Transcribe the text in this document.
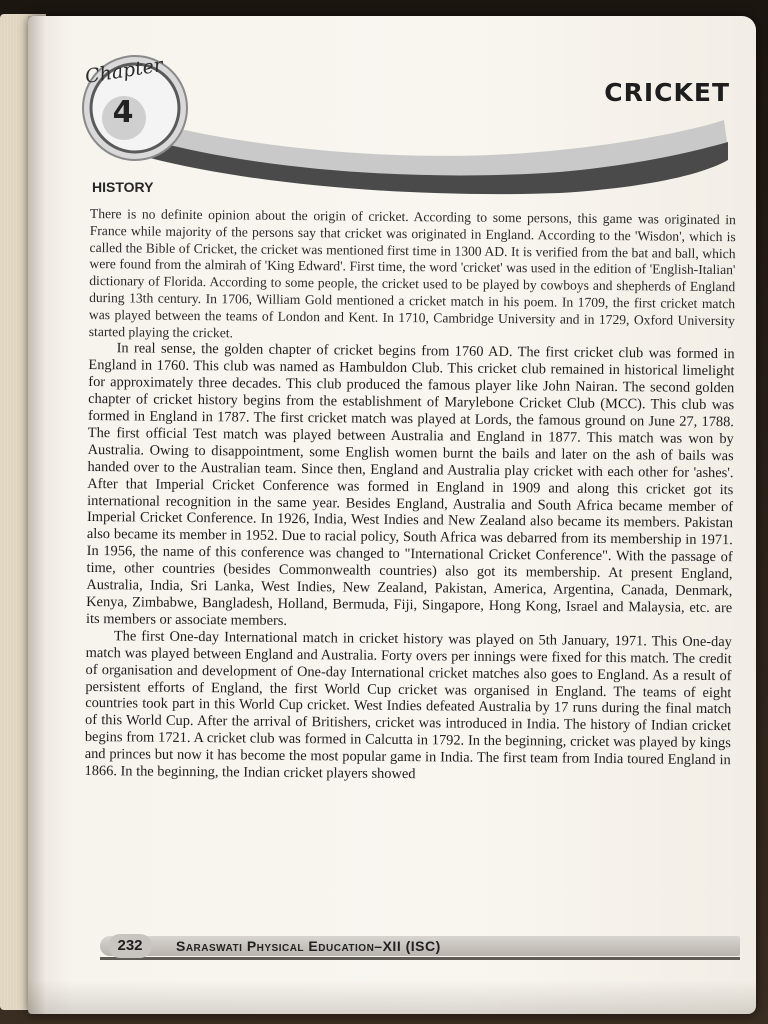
Chapter
4
CRICKET
HISTORY

There is no definite opinion about the origin of cricket. According to some persons, this game was originated in France while majority of the persons say that cricket was originated in England. According to the 'Wisdon', which is called the Bible of Cricket, the cricket was mentioned first time in 1300 AD. It is verified from the bat and ball, which were found from the almirah of 'King Edward'. First time, the word 'cricket' was used in the edition of 'English-Italian' dictionary of Florida. According to some people, the cricket used to be played by cowboys and shepherds of England during 13th century. In 1706, William Gold mentioned a cricket match in his poem. In 1709, the first cricket match was played between the teams of London and Kent. In 1710, Cambridge University and in 1729, Oxford University started playing the cricket.

In real sense, the golden chapter of cricket begins from 1760 AD. The first cricket club was formed in England in 1760. This club was named as Hambuldon Club. This cricket club remained in historical limelight for approximately three decades. This club produced the famous player like John Nairan. The second golden chapter of cricket history begins from the establishment of Marylebone Cricket Club (MCC). This club was formed in England in 1787. The first cricket match was played at Lords, the famous ground on June 27, 1788. The first official Test match was played between Australia and England in 1877. This match was won by Australia. Owing to disappointment, some English women burnt the bails and later on the ash of bails was handed over to the Australian team. Since then, England and Australia play cricket with each other for 'ashes'. After that Imperial Cricket Conference was formed in England in 1909 and along this cricket got its international recognition in the same year. Besides England, Australia and South Africa became member of Imperial Cricket Conference. In 1926, India, West Indies and New Zealand also became its members. Pakistan also became its member in 1952. Due to racial policy, South Africa was debarred from its membership in 1971. In 1956, the name of this conference was changed to "International Cricket Conference". With the passage of time, other countries (besides Commonwealth countries) also got its membership. At present England, Australia, India, Sri Lanka, West Indies, New Zealand, Pakistan, America, Argentina, Canada, Denmark, Kenya, Zimbabwe, Bangladesh, Holland, Bermuda, Fiji, Singapore, Hong Kong, Israel and Malaysia, etc. are its members or associate members.

The first One-day International match in cricket history was played on 5th January, 1971. This One-day match was played between England and Australia. Forty overs per innings were fixed for this match. The credit of organisation and development of One-day International cricket matches also goes to England. As a result of persistent efforts of England, the first World Cup cricket was organised in England. The teams of eight countries took part in this World Cup cricket. West Indies defeated Australia by 17 runs during the final match of this World Cup. After the arrival of Britishers, cricket was introduced in India. The history of Indian cricket begins from 1721. A cricket club was formed in Calcutta in 1792. In the beginning, cricket was played by kings and princes but now it has become the most popular game in India. The first team from India toured England in 1866. In the beginning, the Indian cricket players showed

232	Saraswati Physical Education–XII (ISC)
